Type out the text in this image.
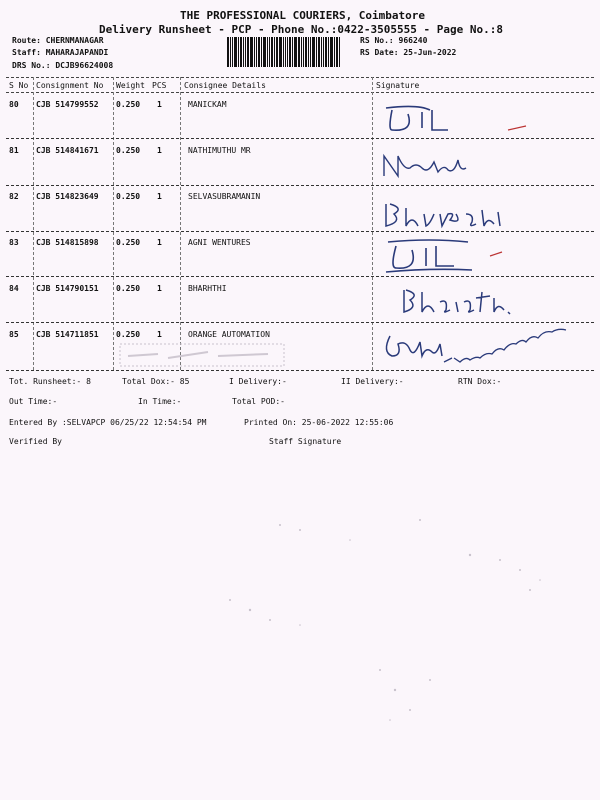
THE PROFESSIONAL COURIERS, Coimbatore
Delivery Runsheet - PCP - Phone No.:0422-3505555 - Page No.:8
Route: CHERNMANAGAR
Staff: MAHARAJAPANDI
DRS No.: DCJB96624008
RS No.: 966240
RS Date: 25-Jun-2022
S No Consignment No Weight PCS Consignee Details	Signature
80 CJB 514799552 0.250 1	MANICKAM
81 CJB 514841671 0.250 1	NATHIMUTHU MR
82 CJB 514823649 0.250 1	SELVASUBRAMANIN
83 CJB 514815898 0.250 1	AGNI WENTURES
84 CJB 514790151 0.250 1	BHARHTHI
85 CJB 514711851 0.250 1	ORANGE AUTOMATION
Tot. Runsheet:- 8	Total Dox:- 85	I Delivery:-	II Delivery:-	RTN Dox:-
Out Time:-	In Time:-	Total POD:-
Entered By :SELVAPCP 06/25/22 12:54:54 PM	Printed On: 25-06-2022 12:55:06
Verified By	Staff Signature
